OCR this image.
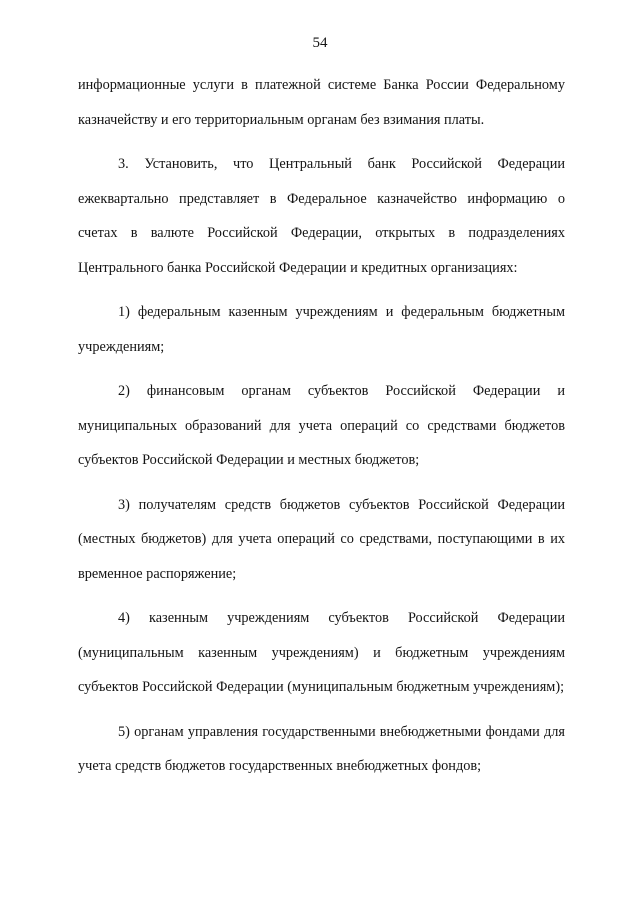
54

информационные услуги в платежной системе Банка России Федеральному казначейству и его территориальным органам без взимания платы.

3. Установить, что Центральный банк Российской Федерации ежеквартально представляет в Федеральное казначейство информацию о счетах в валюте Российской Федерации, открытых в подразделениях Центрального банка Российской Федерации и кредитных организациях:

1) федеральным казенным учреждениям и федеральным бюджетным учреждениям;

2) финансовым органам субъектов Российской Федерации и муниципальных образований для учета операций со средствами бюджетов субъектов Российской Федерации и местных бюджетов;

3) получателям средств бюджетов субъектов Российской Федерации (местных бюджетов) для учета операций со средствами, поступающими в их временное распоряжение;

4) казенным учреждениям субъектов Российской Федерации (муниципальным казенным учреждениям) и бюджетным учреждениям субъектов Российской Федерации (муниципальным бюджетным учреждениям);

5) органам управления государственными внебюджетными фондами для учета средств бюджетов государственных внебюджетных фондов;
